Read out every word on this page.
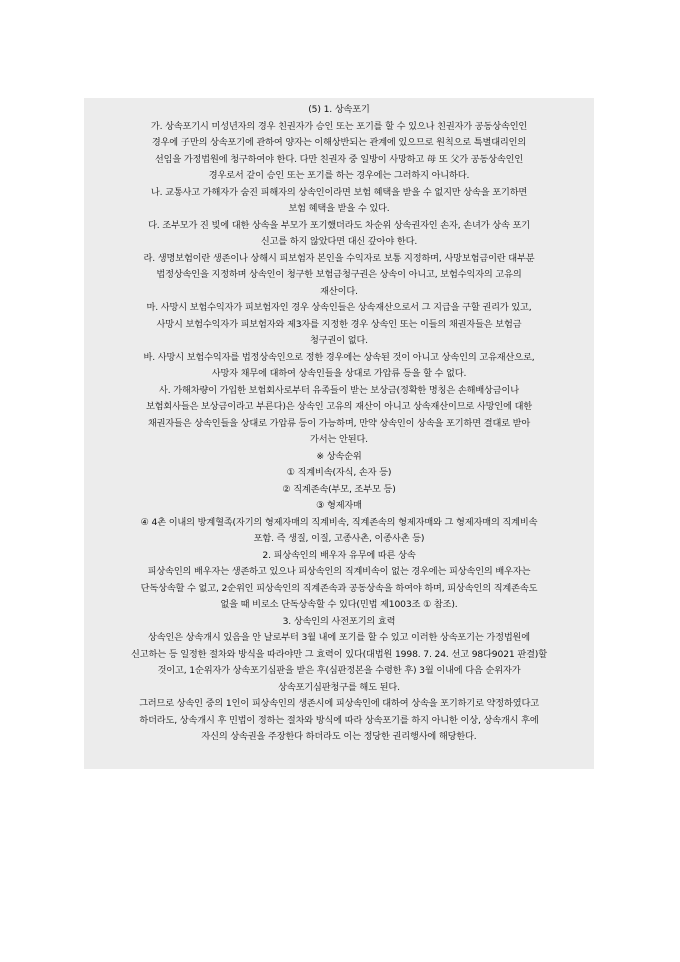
(5) 1. 상속포기
가. 상속포기시 미성년자의 경우 친권자가 승인 또는 포기를 할 수 있으나 친권자가 공동상속인인
경우에 子만의 상속포기에 관하여 양자는 이해상반되는 관계에 있으므로 원칙으로 특별대리인의
선임을 가정법원에 청구하여야 한다. 다만 친권자 중 일방이 사망하고 母 또 父가 공동상속인인
경우로서 같이 승인 또는 포기를 하는 경우에는 그러하지 아니하다.
나. 교통사고 가해자가 숨진 피해자의 상속인이라면 보험 혜택을 받을 수 없지만 상속을 포기하면
보험 혜택을 받을 수 있다.
다. 조부모가 진 빚에 대한 상속을 부모가 포기했더라도 차순위 상속권자인 손자, 손녀가 상속 포기
신고를 하지 않았다면 대신 갚아야 한다.
라. 생명보험이란 생존이나 상해시 피보험자 본인을 수익자로 보통 지정하며, 사망보험금이란 대부분
법정상속인을 지정하며 상속인이 청구한 보험금청구권은 상속이 아니고, 보험수익자의 고유의
재산이다.
마. 사망시 보험수익자가 피보험자인 경우 상속인들은 상속재산으로서 그 지급을 구할 권리가 있고,
사망시 보험수익자가 피보험자와 제3자를 지정한 경우 상속인 또는 이들의 채권자들은 보험금
청구권이 없다.
바. 사망시 보험수익자를 법정상속인으로 정한 경우에는 상속된 것이 아니고 상속인의 고유재산으로,
사망자 채무에 대하여 상속인들을 상대로 가압류 등을 할 수 없다.
사. 가해차량이 가입한 보험회사로부터 유족들이 받는 보상금(정확한 명칭은 손해배상금이나
보험회사들은 보상금이라고 부른다)은 상속인 고유의 재산이 아니고 상속재산이므로 사망인에 대한
채권자들은 상속인들을 상대로 가압류 등이 가능하며, 만약 상속인이 상속을 포기하면 결대로 받아
가서는 안된다.
※ 상속순위
① 직계비속(자식, 손자 등)
② 직계존속(부모, 조부모 등)
③ 형제자매
④ 4촌 이내의 방계혈족(자기의 형제자매의 직계비속, 직계존속의 형제자매와 그 형제자매의 직계비속
포함. 즉 생질, 이질, 고종사촌, 이종사촌 등)
2. 피상속인의 배우자 유무에 따른 상속
피상속인의 배우자는 생존하고 있으나 피상속인의 직계비속이 없는 경우에는 피상속인의 배우자는
단독상속할 수 없고, 2순위인 피상속인의 직계존속과 공동상속을 하여야 하며, 피상속인의 직계존속도
없을 때 비로소 단독상속할 수 있다(민법 제1003조 ① 참조).
3. 상속인의 사전포기의 효력
상속인은 상속개시 있음을 안 날로부터 3월 내에 포기를 할 수 있고 이러한 상속포기는 가정법원에
신고하는 등 일정한 절차와 방식을 따라야만 그 효력이 있다(대법원 1998. 7. 24. 선고 98다9021 판결)할
것이고, 1순위자가 상속포기심판을 받은 후(심판정본을 수령한 후) 3월 이내에 다음 순위자가
상속포기심판청구를 해도 된다.
그러므로 상속인 중의 1인이 피상속인의 생존시에 피상속인에 대하여 상속을 포기하기로 약정하였다고
하더라도, 상속개시 후 민법이 정하는 절차와 방식에 따라 상속포기를 하지 아니한 이상, 상속개시 후에
자신의 상속권을 주장한다 하더라도 이는 정당한 권리행사에 해당한다.
